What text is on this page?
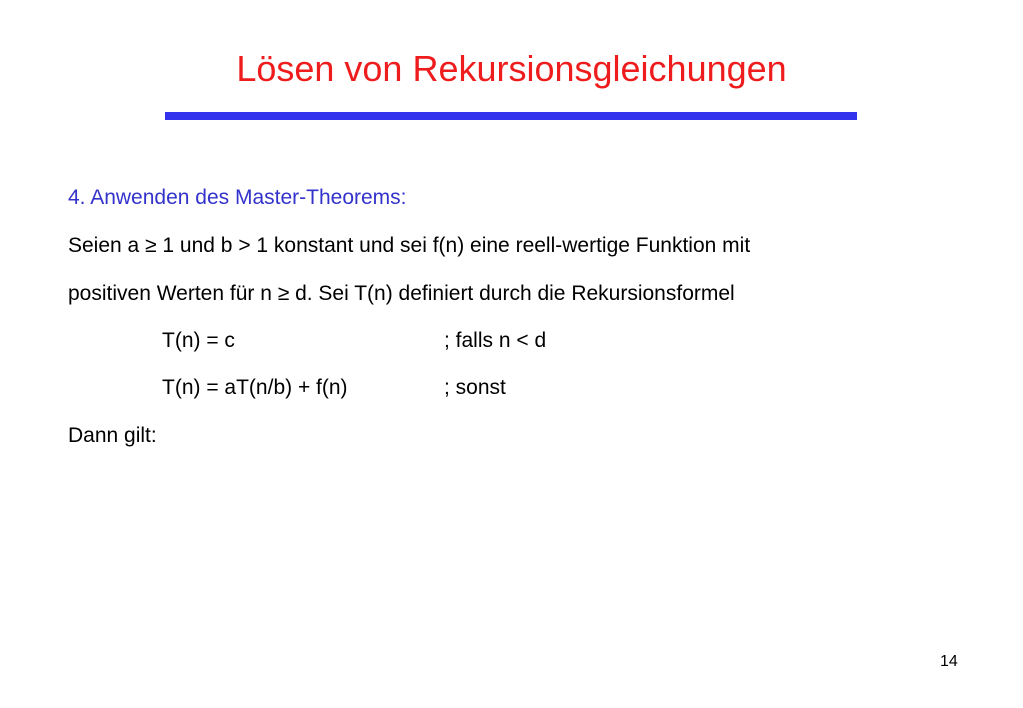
Lösen von Rekursionsgleichungen
4. Anwenden des Master-Theorems:
Seien a ≥ 1 und b > 1 konstant und sei f(n) eine reell-wertige Funktion mit
positiven Werten für n ≥ d. Sei T(n) definiert durch die Rekursionsformel
T(n) = c	; falls n < d
T(n) = aT(n/b) + f(n)	; sonst
Dann gilt:
14
